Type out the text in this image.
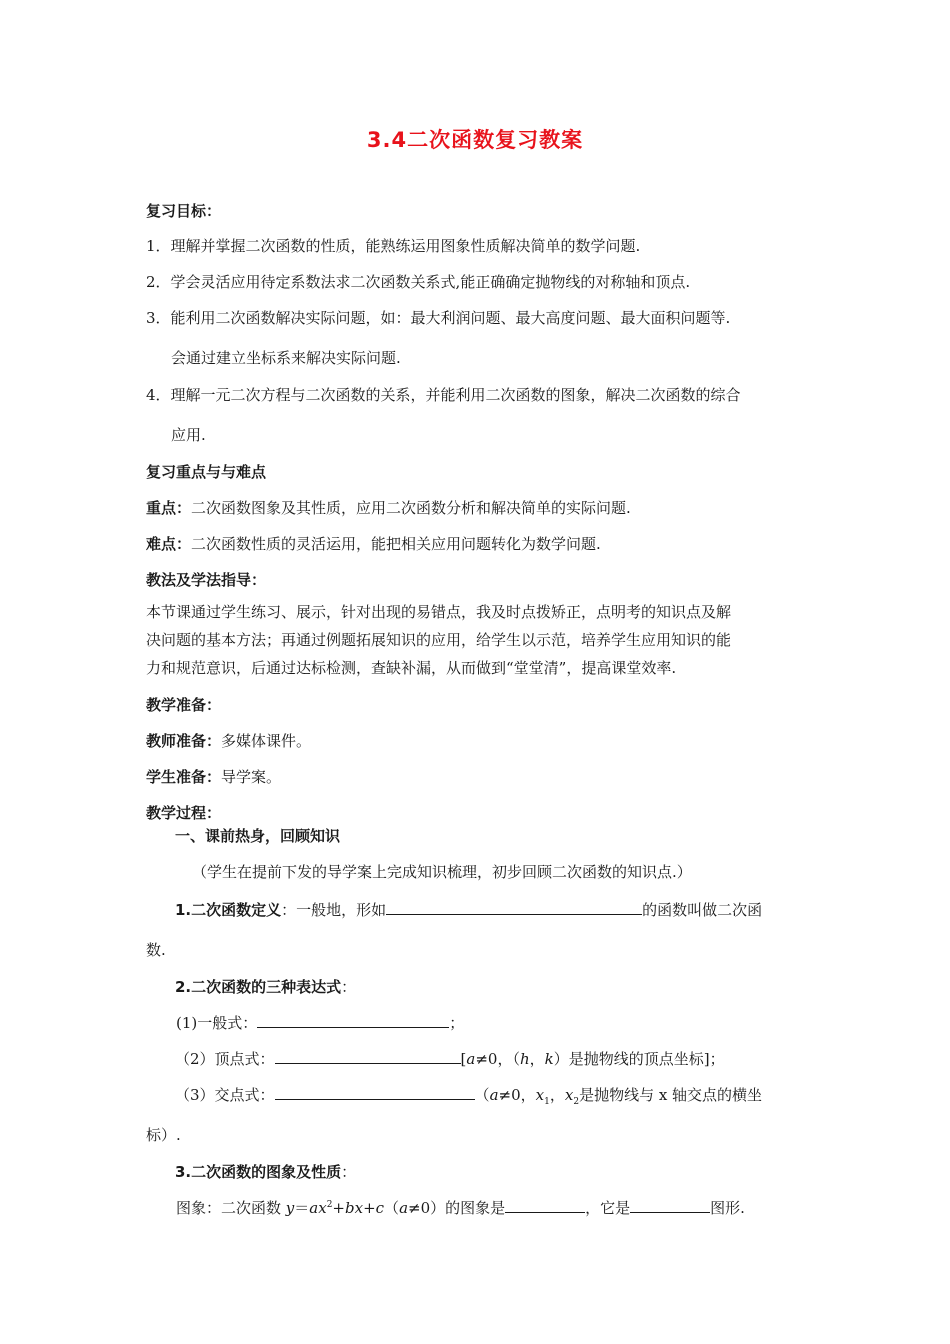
3.4二次函数复习教案
复习目标：
1．理解并掌握二次函数的性质，能熟练运用图象性质解决简单的数学问题.
2．学会灵活应用待定系数法求二次函数关系式,能正确确定抛物线的对称轴和顶点.
3．能利用二次函数解决实际问题，如：最大利润问题、最大高度问题、最大面积问题等.
会通过建立坐标系来解决实际问题.
4．理解一元二次方程与二次函数的关系，并能利用二次函数的图象，解决二次函数的综合
应用.
复习重点与与难点
重点：二次函数图象及其性质，应用二次函数分析和解决简单的实际问题.
难点：二次函数性质的灵活运用，能把相关应用问题转化为数学问题.
教法及学法指导：
本节课通过学生练习、展示，针对出现的易错点，我及时点拨矫正，点明考的知识点及解
决问题的基本方法；再通过例题拓展知识的应用，给学生以示范，培养学生应用知识的能
力和规范意识，后通过达标检测，查缺补漏，从而做到“堂堂清”，提高课堂效率.
教学准备：
教师准备：多媒体课件。
学生准备：导学案。
教学过程：
一、课前热身，回顾知识
（学生在提前下发的导学案上完成知识梳理，初步回顾二次函数的知识点.）
1.二次函数定义：一般地，形如	的函数叫做二次函
数.
2.二次函数的三种表达式：
(1)一般式：	；
（2）顶点式：	[a≠0，（h，k）是抛物线的顶点坐标]；
（3）交点式：	（a≠0，$x_1$，$x_2$是抛物线与 x 轴交点的横坐
标）.
3.二次函数的图象及性质：
图象：二次函数 $y=ax^2+bx+c(a\ne 0)$的图象是	，它是	图形.
